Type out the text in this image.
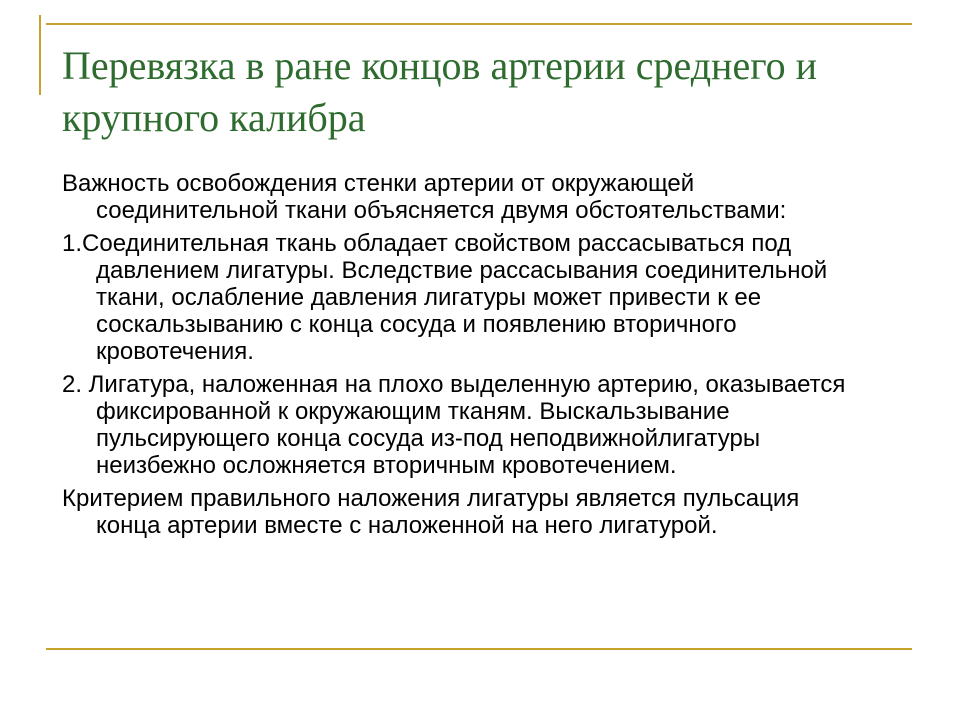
Перевязка в ране концов артерии среднего и крупного калибра

Важность освобождения стенки артерии от окружающей соединительной ткани объясняется двумя обстоятельствами:

1.Соединительная ткань обладает свойством рассасываться под давлением лигатуры. Вследствие рассасывания соединительной ткани, ослабление давления лигатуры может привести к ее соскальзыванию с конца сосуда и появлению вторичного кровотечения.

2. Лигатура, наложенная на плохо выделенную артерию, оказывается фиксированной к окружающим тканям. Выскальзывание пульсирующего конца сосуда из-под неподвижнойлигатуры неизбежно осложняется вторичным кровотечением.

Критерием правильного наложения лигатуры является пульсация конца артерии вместе с наложенной на него лигатурой.
